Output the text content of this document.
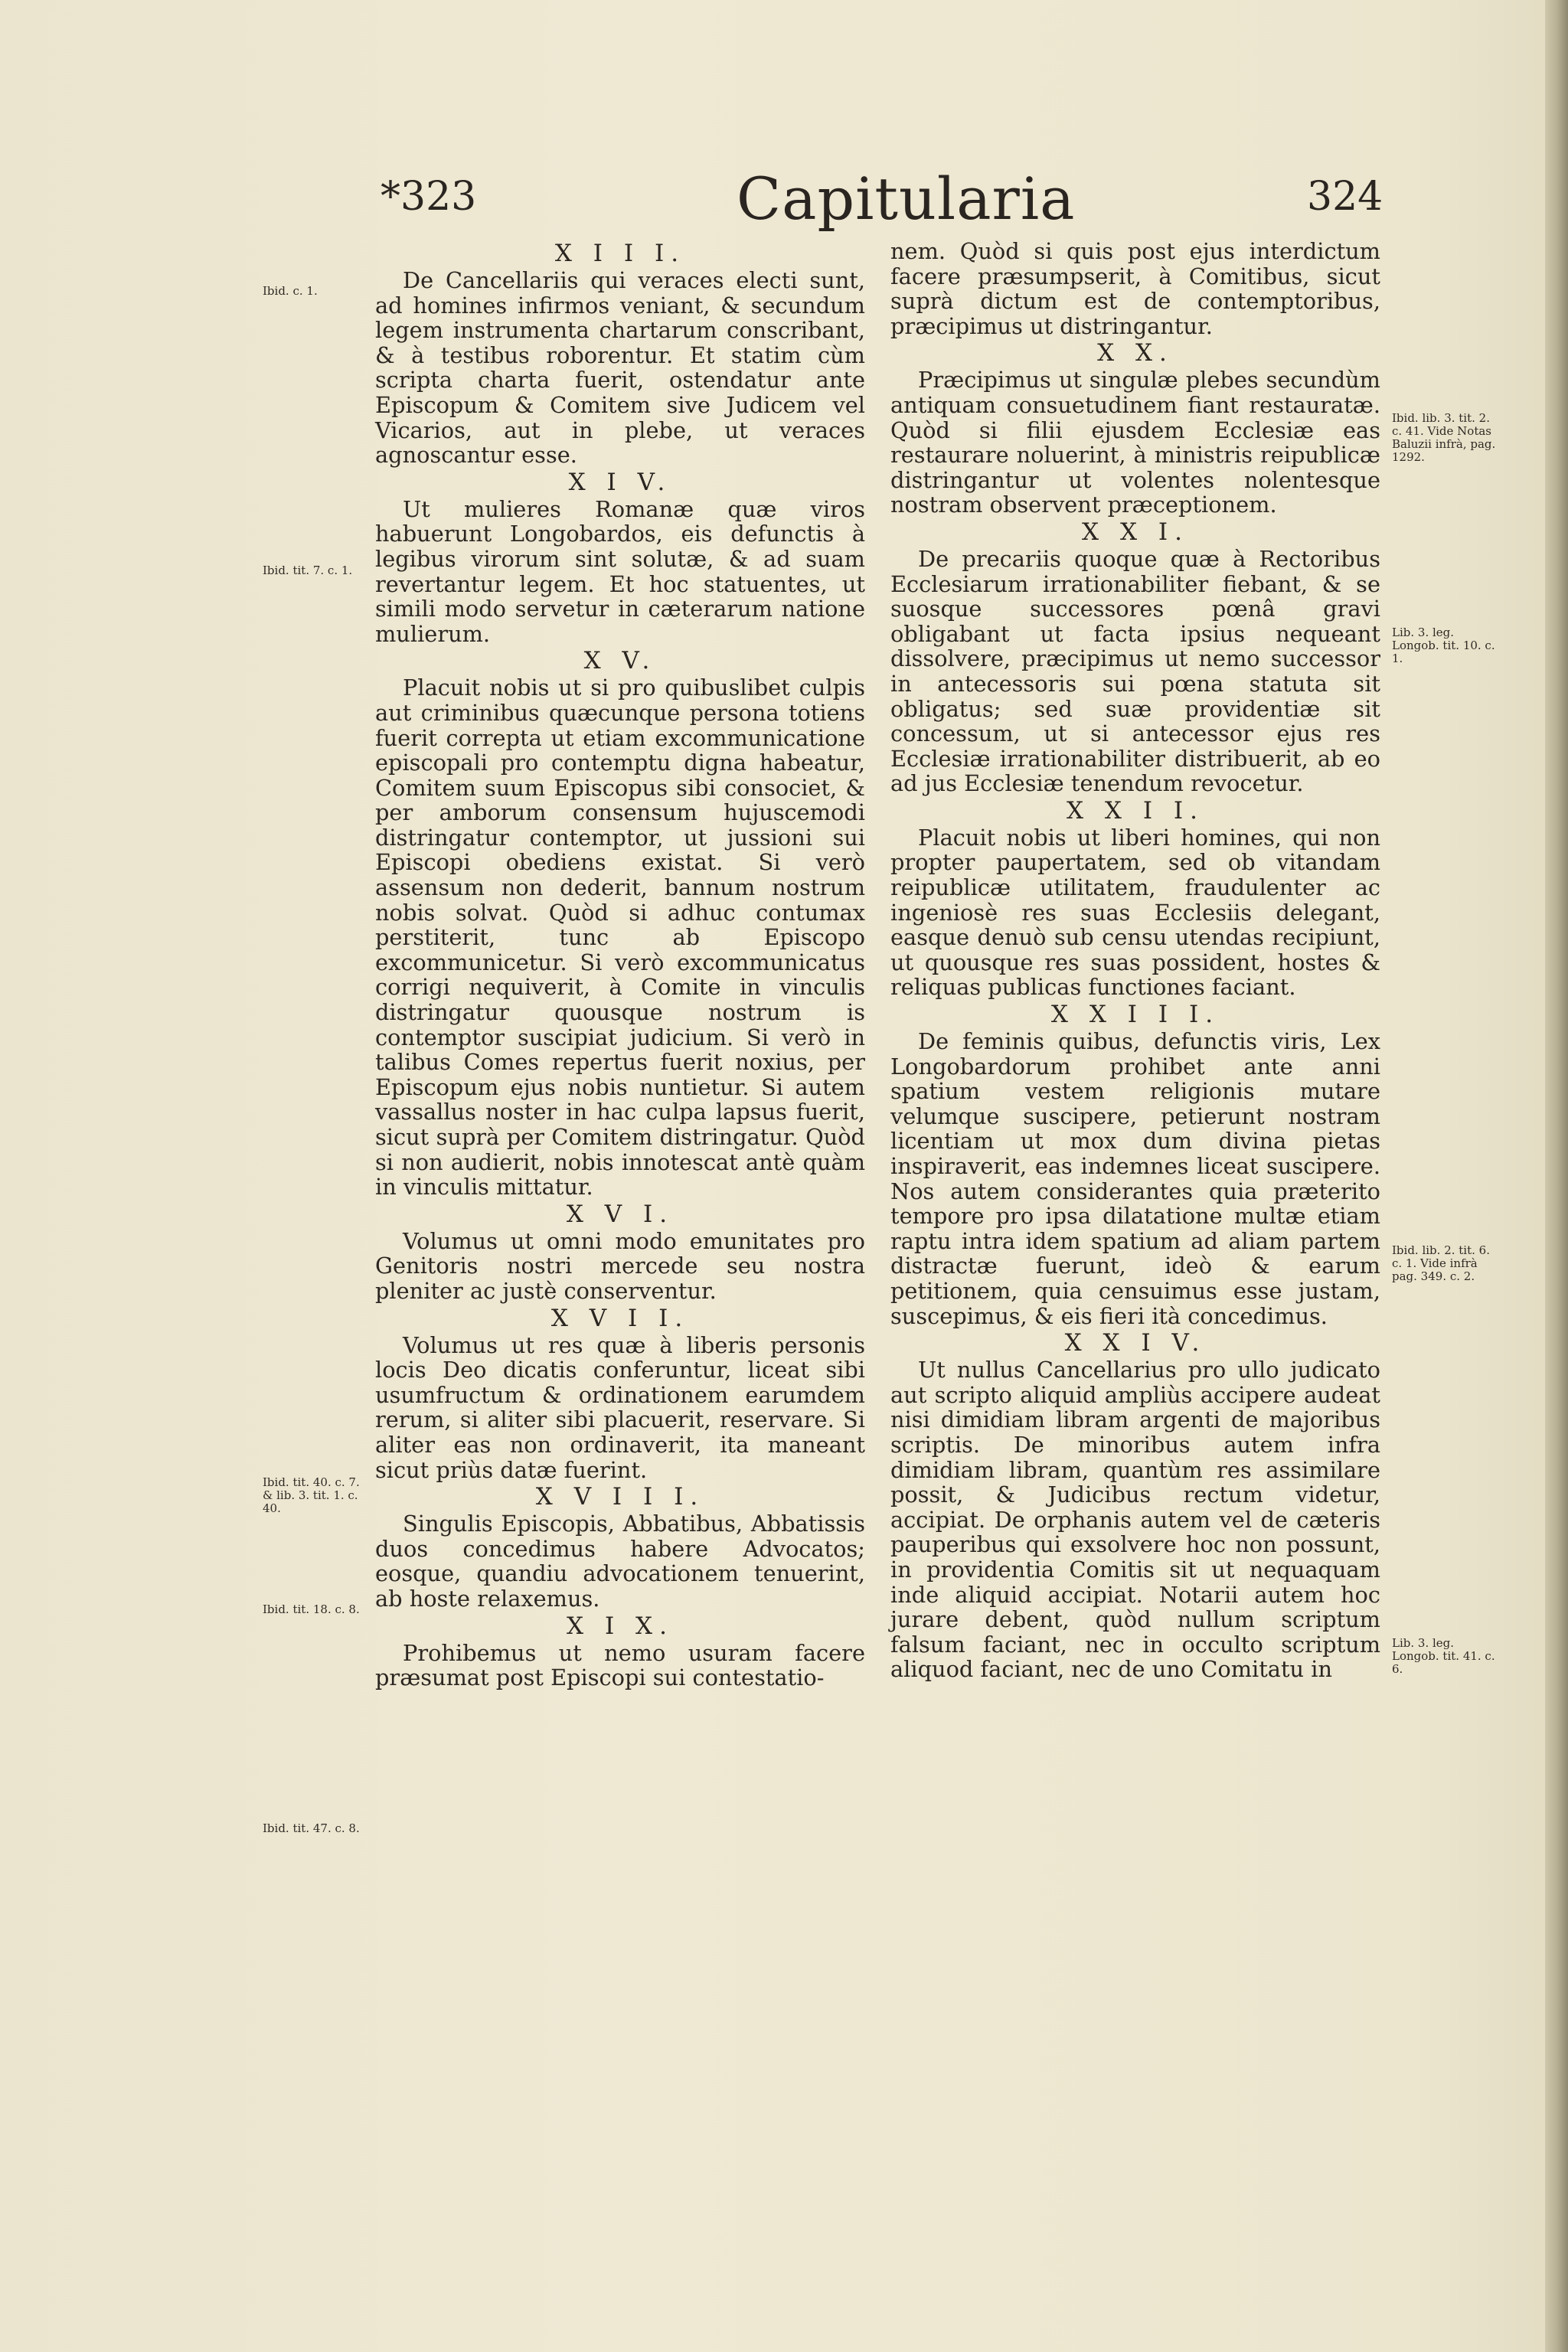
*323	Capitularia	324
X I I I.

De Cancellariis qui veraces electi sunt, ad homines infirmos veniant, & secundum legem instrumenta chartarum conscribant, & à testibus roborentur. Et statim cùm scripta charta fuerit, ostendatur ante Episcopum & Comitem sive Judicem vel Vicarios, aut in plebe, ut veraces agnoscantur esse.

X I V.

Ut mulieres Romanæ quæ viros habuerunt Longobardos, eis defunctis à legibus virorum sint solutæ, & ad suam revertantur legem. Et hoc statuentes, ut simili modo servetur in cæterarum natione mulierum.

X V.

Placuit nobis ut si pro quibuslibet culpis aut criminibus quæcunque persona totiens fuerit correpta ut etiam excommunicatione episcopali pro contemptu digna habeatur, Comitem suum Episcopus sibi consociet, & per amborum consensum hujuscemodi distringatur contemptor, ut jussioni sui Episcopi obediens existat. Si verò assensum non dederit, bannum nostrum nobis solvat. Quòd si adhuc contumax perstiterit, tunc ab Episcopo excommunicetur. Si verò excommunicatus corrigi nequiverit, à Comite in vinculis distringatur quousque nostrum is contemptor suscipiat judicium. Si verò in talibus Comes repertus fuerit noxius, per Episcopum ejus nobis nuntietur. Si autem vassallus noster in hac culpa lapsus fuerit, sicut suprà per Comitem distringatur. Quòd si non audierit, nobis innotescat antè quàm in vinculis mittatur.

X V I.

Volumus ut omni modo emunitates pro Genitoris nostri mercede seu nostra pleniter ac justè conserventur.

X V I I.

Volumus ut res quæ à liberis personis locis Deo dicatis conferuntur, liceat sibi usumfructum & ordinationem earumdem rerum, si aliter sibi placuerit, reservare. Si aliter eas non ordinaverit, ita maneant sicut priùs datæ fuerint.

X V I I I.

Singulis Episcopis, Abbatibus, Abbatissis duos concedimus habere Advocatos; eosque, quandiu advocationem tenuerint, ab hoste relaxemus.

X I X.

Prohibemus ut nemo usuram facere præsumat post Episcopi sui contestatio-

nem. Quòd si quis post ejus interdictum facere præsumpserit, à Comitibus, sicut suprà dictum est de contemptoribus, præcipimus ut distringantur.

X X.

Præcipimus ut singulæ plebes secundùm antiquam consuetudinem fiant restauratæ. Quòd si filii ejusdem Ecclesiæ eas restaurare noluerint, à ministris reipublicæ distringantur ut volentes nolentesque nostram observent præceptionem.

X X I.

De precariis quoque quæ à Rectoribus Ecclesiarum irrationabiliter fiebant, & se suosque successores pœnâ gravi obligabant ut facta ipsius nequeant dissolvere, præcipimus ut nemo successor in antecessoris sui pœna statuta sit obligatus; sed suæ providentiæ sit concessum, ut si antecessor ejus res Ecclesiæ irrationabiliter distribuerit, ab eo ad jus Ecclesiæ tenendum revocetur.

X X I I.

Placuit nobis ut liberi homines, qui non propter paupertatem, sed ob vitandam reipublicæ utilitatem, fraudulenter ac ingeniosè res suas Ecclesiis delegant, easque denuò sub censu utendas recipiunt, ut quousque res suas possident, hostes & reliquas publicas functiones faciant.

X X I I I.

De feminis quibus, defunctis viris, Lex Longobardorum prohibet ante anni spatium vestem religionis mutare velumque suscipere, petierunt nostram licentiam ut mox dum divina pietas inspiraverit, eas indemnes liceat suscipere. Nos autem considerantes quia præterito tempore pro ipsa dilatatione multæ etiam raptu intra idem spatium ad aliam partem distractæ fuerunt, ideò & earum petitionem, quia censuimus esse justam, suscepimus, & eis fieri ità concedimus.

X X I V.

Ut nullus Cancellarius pro ullo judicato aut scripto aliquid ampliùs accipere audeat nisi dimidiam libram argenti de majoribus scriptis. De minoribus autem infra dimidiam libram, quantùm res assimilare possit, & Judicibus rectum videtur, accipiat. De orphanis autem vel de cæteris pauperibus qui exsolvere hoc non possunt, in providentia Comitis sit ut nequaquam inde aliquid accipiat. Notarii autem hoc jurare debent, quòd nullum scriptum falsum faciant, nec in occulto scriptum aliquod faciant, nec de uno Comitatu in

Ibid. c. 1.
Ibid. tit. 7. c. 1.
Ibid. tit. 40. c. 7. & lib. 3. tit. 1. c. 40.
Ibid. tit. 18. c. 8.
Ibid. tit. 47. c. 8.
Ibid. lib. 3. tit. 2. c. 41. Vide Notas Baluzii infrà, pag. 1292.
Lib. 3. leg. Longob. tit. 10. c. 1.
Ibid. lib. 2. tit. 6. c. 1. Vide infrà pag. 349. c. 2.
Lib. 3. leg. Longob. tit. 41. c. 6.
